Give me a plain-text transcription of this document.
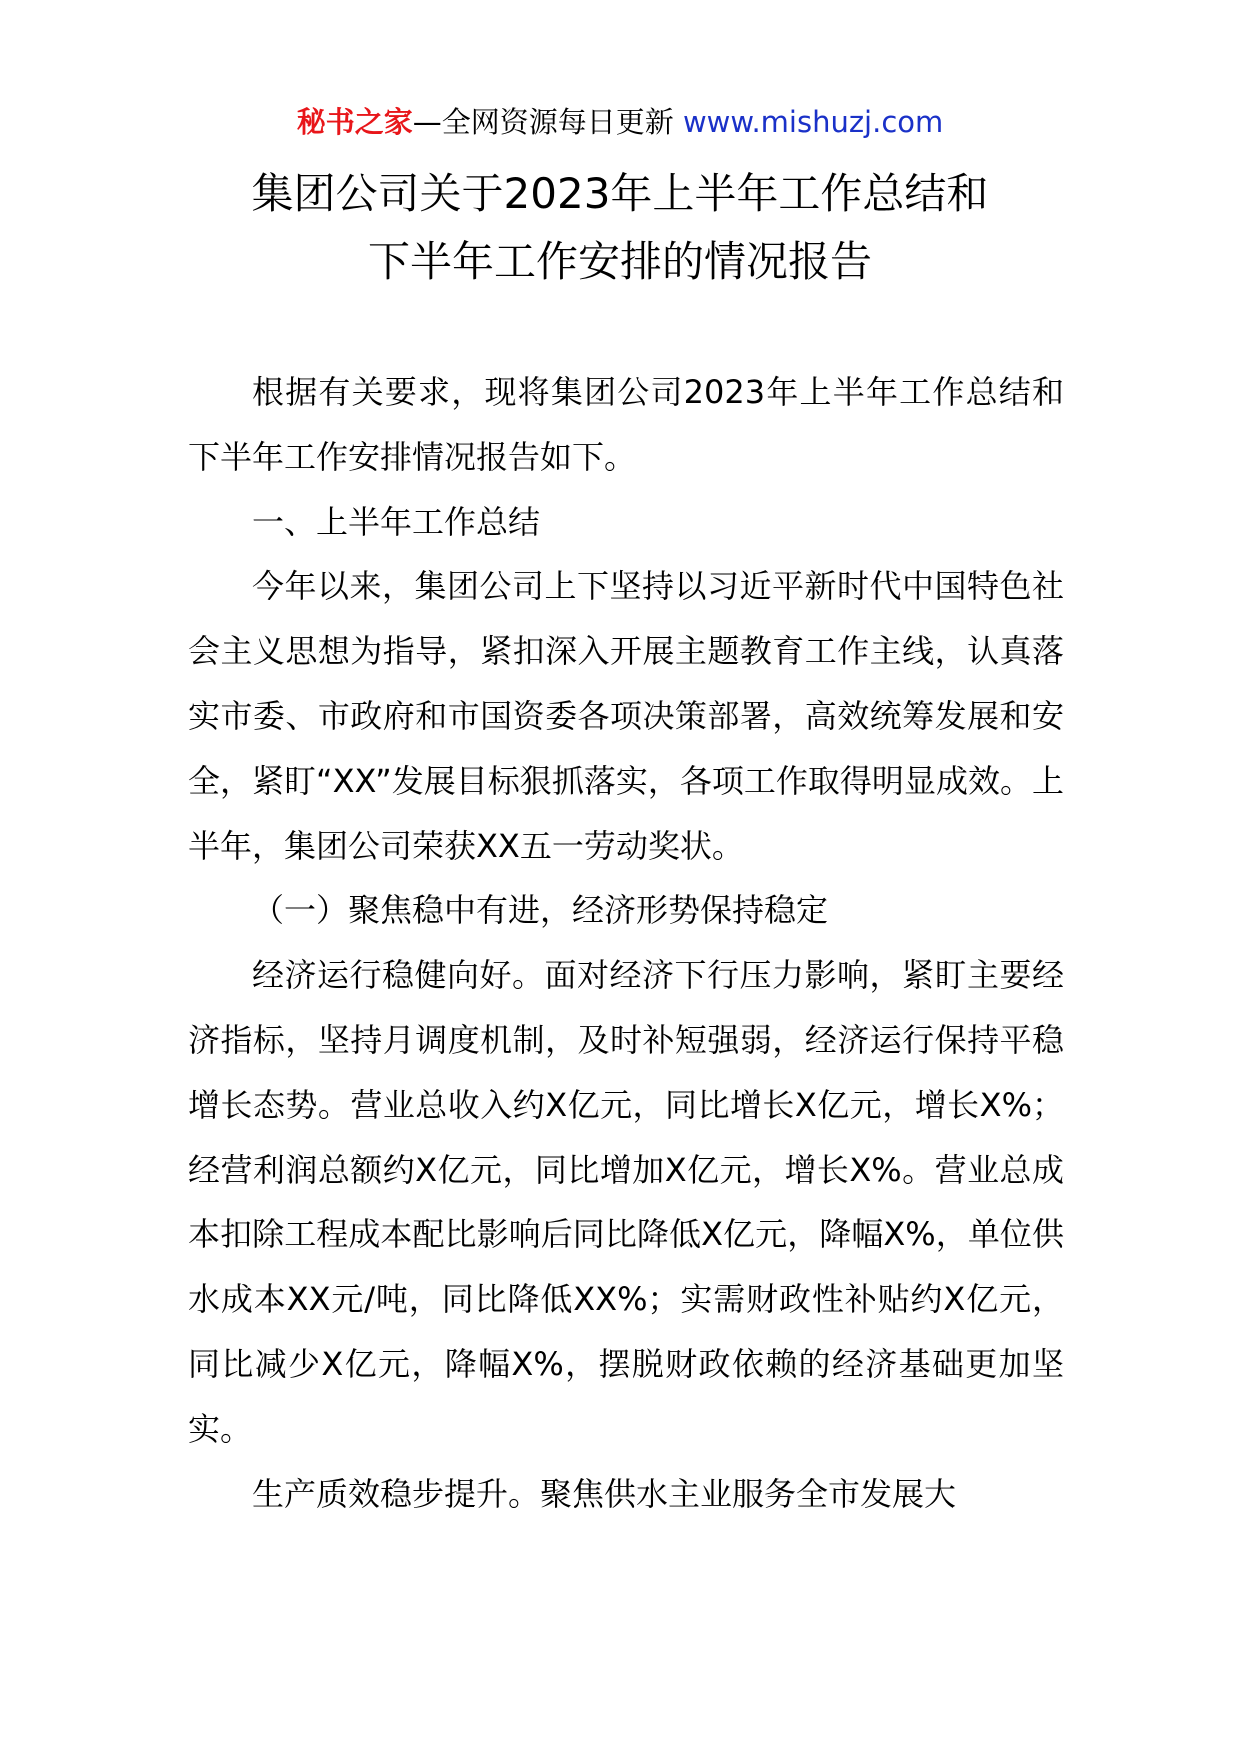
秘书之家—全网资源每日更新 www.mishuzj.com
集团公司关于2023年上半年工作总结和
下半年工作安排的情况报告

根据有关要求，现将集团公司2023年上半年工作总结和下半年工作安排情况报告如下。

一、上半年工作总结

今年以来，集团公司上下坚持以习近平新时代中国特色社会主义思想为指导，紧扣深入开展主题教育工作主线，认真落实市委、市政府和市国资委各项决策部署，高效统筹发展和安全，紧盯“XX”发展目标狠抓落实，各项工作取得明显成效。上半年，集团公司荣获XX五一劳动奖状。

（一）聚焦稳中有进，经济形势保持稳定

经济运行稳健向好。面对经济下行压力影响，紧盯主要经济指标，坚持月调度机制，及时补短强弱，经济运行保持平稳增长态势。营业总收入约X亿元，同比增长X亿元，增长X%；经营利润总额约X亿元，同比增加X亿元，增长X%。营业总成本扣除工程成本配比影响后同比降低X亿元，降幅X%，单位供水成本XX元/吨，同比降低XX%；实需财政性补贴约X亿元，同比减少X亿元，降幅X%，摆脱财政依赖的经济基础更加坚实。

生产质效稳步提升。聚焦供水主业服务全市发展大
